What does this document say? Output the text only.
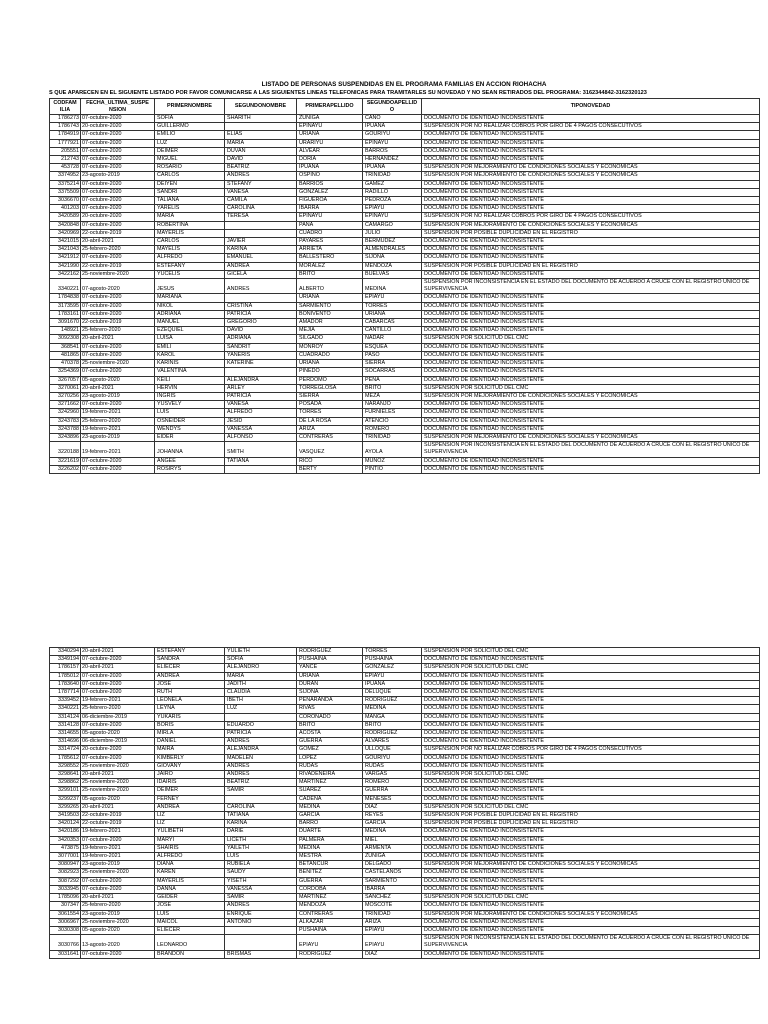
LISTADO DE PERSONAS SUSPENDIDAS EN EL PROGRAMA FAMILIAS EN ACCION RIOHACHA
S QUE APARECEN EN EL SIGUIENTE LISTADO POR FAVOR COMUNICARSE A LAS SIGUIENTES LINEAS TELEFONICAS PARA TRAMITARLES SU NOVEDAD Y NO SEAN RETIRADOS DEL PROGRAMA: 3162344842-3162320123
CODFAM ILIA	FECHA_ULTIMA_SUSPE NSION	PRIMERNOMBRE	SEGUNDONOMBRE	PRIMERAPELLIDO	SEGUNDOAPELLID O	TIPONOVEDAD
1786273	07-octubre-2020	SOFIA	SHARITH	ZUÑIGA	CANO	DOCUMENTO DE IDENTIDAD INCONSISTENTE
1786743	20-octubre-2020	GUILLERMO		EPINAYU	IPUANA	SUSPENSIÓN POR NO REALIZAR COBROS POR GIRO DE 4 PAGOS CONSECUTIVOS
1784919	07-octubre-2020	EMILIO	ELIAS	URIANA	GOURIYU	DOCUMENTO DE IDENTIDAD INCONSISTENTE
1777921	07-octubre-2020	LUZ	MARIA	URARIYU	EPINAYU	DOCUMENTO DE IDENTIDAD INCONSISTENTE
205551	07-octubre-2020	DEIMER	DUVAN	ALVEAR	BARROS	DOCUMENTO DE IDENTIDAD INCONSISTENTE
212743	07-octubre-2020	MIGUEL	DAVID	DORIA	HERNANDEZ	DOCUMENTO DE IDENTIDAD INCONSISTENTE
453728	07-octubre-2020	ROSARIO	BEATRIZ	IPUANA	IPUANA	SUSPENSION POR MEJORAMIENTO DE CONDICIONES SOCIALES Y ECONOMICAS
3374952	23-agosto-2019	CARLOS	ANDRES	OSPINO	TRINIDAD	SUSPENSION POR MEJORAMIENTO DE CONDICIONES SOCIALES Y ECONOMICAS
3375214	07-octubre-2020	DEIYEN	STEFANY	BARRIOS	GAMEZ	DOCUMENTO DE IDENTIDAD INCONSISTENTE
3375509	07-octubre-2020	SANDRI	VANESA	GONZALEZ	RADILLO	DOCUMENTO DE IDENTIDAD INCONSISTENTE
3036670	07-octubre-2020	TALIANA	CAMILA	FIGUEROA	PEDROZA	DOCUMENTO DE IDENTIDAD INCONSISTENTE
401203	07-octubre-2020	YARELIS	CAROLINA	IBARRA	EPIAYU	DOCUMENTO DE IDENTIDAD INCONSISTENTE
3420589	20-octubre-2020	MARIA	TERESA	EPINAYU	EPINAYU	SUSPENSIÓN POR NO REALIZAR COBROS POR GIRO DE 4 PAGOS CONSECUTIVOS
3420848	07-octubre-2020	ROBERTINA		PANA	CAMARGO	SUSPENSION POR MEJORAMIENTO DE CONDICIONES SOCIALES Y ECONOMICAS
3420969	22-octubre-2019	MAYERLIS		CUADRO	JULIO	SUSPENSIÓN POR POSIBLE DUPLICIDAD EN EL REGISTRO
3421015	20-abril-2021	CARLOS	JAVIER	PAYARES	BERMUDEZ	DOCUMENTO DE IDENTIDAD INCONSISTENTE
3421043	25-febrero-2020	MAYELIS	KARINA	ARRIETA	ALMENDRALES	DOCUMENTO DE IDENTIDAD INCONSISTENTE
3421912	07-octubre-2020	ALFREDO	EMANUEL	BALLESTERO	SIJONA	DOCUMENTO DE IDENTIDAD INCONSISTENTE
3421990	22-octubre-2019	ESTEFANY	ANDREA	MORALEZ	MENDOZA	SUSPENSIÓN POR POSIBLE DUPLICIDAD EN EL REGISTRO
3422162	25-noviembre-2020	YUCELIS	GICELA	BRITO	BUELVAS	DOCUMENTO DE IDENTIDAD INCONSISTENTE
3340221	07-agosto-2020	JESUS	ANDRES	ALBERTO	MEDINA	SUSPENSIÓN POR INCONSISTENCIA EN EL ESTADO DEL DOCUMENTO DE ACUERDO A CRUCE CON EL REGISTRO ÚNICO DE SUPERVIVENCIA
1784838	07-octubre-2020	MARIANA		URIANA	EPIAYU	DOCUMENTO DE IDENTIDAD INCONSISTENTE
3173595	07-octubre-2020	NIKOL	CRISTINA	SARMIENTO	TORRES	DOCUMENTO DE IDENTIDAD INCONSISTENTE
1783161	07-octubre-2020	ADRIANA	PATRICIA	BONIVENTO	URIANA	DOCUMENTO DE IDENTIDAD INCONSISTENTE
3091670	22-octubre-2019	MANUEL	GREGORIO	AMADOR	CABARCAS	DOCUMENTO DE IDENTIDAD INCONSISTENTE
148921	25-febrero-2020	EZEQUIEL	DAVID	MEJIA	CANTILLO	DOCUMENTO DE IDENTIDAD INCONSISTENTE
3092308	20-abril-2021	LUISA	ADRIANA	SILGADO	NADAR	SUSPENSIÓN POR SOLICITUD DEL CMC
368541	07-octubre-2020	EMILI	SANDRIT	MONROY	ESQUEA	DOCUMENTO DE IDENTIDAD INCONSISTENTE
481865	07-octubre-2020	KAROL	YANERIS	CUADRADO	PASO	DOCUMENTO DE IDENTIDAD INCONSISTENTE
470378	25-noviembre-2020	KARINIS	KATERINE	URIANA	SIERRA	DOCUMENTO DE IDENTIDAD INCONSISTENTE
3254369	07-octubre-2020	VALENTINA		PINEDO	SOCARRAS	DOCUMENTO DE IDENTIDAD INCONSISTENTE
3267057	05-agosto-2020	KEILI	ALEJANDRA	PERDOMO	PEÑA	DOCUMENTO DE IDENTIDAD INCONSISTENTE
3270061	20-abril-2021	HERVIN	ARLEY	TORREGLOSA	BRITO	SUSPENSIÓN POR SOLICITUD DEL CMC
3270256	23-agosto-2019	INGRIS	PATRICIA	SIERRA	MEZA	SUSPENSION POR MEJORAMIENTO DE CONDICIONES SOCIALES Y ECONOMICAS
3271662	07-octubre-2020	YUSVELY	VANESA	POSADA	NARANJO	DOCUMENTO DE IDENTIDAD INCONSISTENTE
3242960	19-febrero-2021	LUIS	ALFREDO	TORRES	FURNIELES	DOCUMENTO DE IDENTIDAD INCONSISTENTE
3243783	25-febrero-2020	OSNEIDER	JESID	DE LA ROSA	ATENCIO	DOCUMENTO DE IDENTIDAD INCONSISTENTE
3243788	19-febrero-2021	WENDYS	VANESSA	ARIZA	ROMERO	DOCUMENTO DE IDENTIDAD INCONSISTENTE
3243896	23-agosto-2019	EIDER	ALFONSO	CONTRERAS	TRINIDAD	SUSPENSION POR MEJORAMIENTO DE CONDICIONES SOCIALES Y ECONOMICAS
3220188	19-febrero-2021	JOHANNA	SMITH	VASQUEZ	AYOLA	SUSPENSIÓN POR INCONSISTENCIA EN EL ESTADO DEL DOCUMENTO DE ACUERDO A CRUCE CON EL REGISTRO ÚNICO DE SUPERVIVENCIA
3221619	07-octubre-2020	ANGEE	TATIANA	RICO	MUÑOZ	DOCUMENTO DE IDENTIDAD INCONSISTENTE
3226202	07-octubre-2020	ROSIRYS		BERTY	PINTIO	DOCUMENTO DE IDENTIDAD INCONSISTENTE
3340294	20-abril-2021	ESTEFANY	YULIETH	RODRIGUEZ	TORRES	SUSPENSIÓN POR SOLICITUD DEL CMC
3349194	07-octubre-2020	SANDRA	SOFIA	PUSHAINA	PUSHAINA	DOCUMENTO DE IDENTIDAD INCONSISTENTE
1786157	20-abril-2021	ELIECER	ALEJANDRO	YANCE	GONZALEZ	SUSPENSIÓN POR SOLICITUD DEL CMC
1785012	07-octubre-2020	ANDREA	MARIA	URIANA	EPIAYU	DOCUMENTO DE IDENTIDAD INCONSISTENTE
1783640	07-octubre-2020	JOSE	JADITH	DURAN	IPUANA	DOCUMENTO DE IDENTIDAD INCONSISTENTE
1787714	07-octubre-2020	RUTH	CLAUDIA	SIJONA	DELUQUE	DOCUMENTO DE IDENTIDAD INCONSISTENTE
3339452	19-febrero-2021	LEONELA	IBETH	PEÑARANDA	RODRIGUEZ	DOCUMENTO DE IDENTIDAD INCONSISTENTE
3340221	25-febrero-2020	LEYNA	LUZ	RIVAS	MEDINA	DOCUMENTO DE IDENTIDAD INCONSISTENTE
3314124	06-diciembre-2019	YUKARIS		CORONADO	MANGA	DOCUMENTO DE IDENTIDAD INCONSISTENTE
3314128	07-octubre-2020	BORIS	EDUARDO	BRITO	BRITO	DOCUMENTO DE IDENTIDAD INCONSISTENTE
3314655	05-agosto-2020	MIRLA	PATRICIA	ACOSTA	RODRIGUEZ	DOCUMENTO DE IDENTIDAD INCONSISTENTE
3314696	06-diciembre-2019	DANIEL	ANDRES	GUERRA	ALVARES	DOCUMENTO DE IDENTIDAD INCONSISTENTE
3314724	20-octubre-2020	MAIRA	ALEJANDRA	GOMEZ	ULLOQUE	SUSPENSIÓN POR NO REALIZAR COBROS POR GIRO DE 4 PAGOS CONSECUTIVOS
1785612	07-octubre-2020	KIMBERLY	MADELEN	LOPEZ	GOURIYU	DOCUMENTO DE IDENTIDAD INCONSISTENTE
3298552	25-noviembre-2020	GIOVANY	ANDRES	RUDAS	RUDAS	DOCUMENTO DE IDENTIDAD INCONSISTENTE
3298641	20-abril-2021	JAIRO	ANDRES	RIVADENEIRA	VARGAS	SUSPENSIÓN POR SOLICITUD DEL CMC
3298862	25-noviembre-2020	IDAIRIS	BEATRIZ	MARTINEZ	ROMERO	DOCUMENTO DE IDENTIDAD INCONSISTENTE
3299101	25-noviembre-2020	DEIMER	SAMIR	SUAREZ	GUERRA	DOCUMENTO DE IDENTIDAD INCONSISTENTE
3299237	05-agosto-2020	FERNEY		CADENA	MENESES	DOCUMENTO DE IDENTIDAD INCONSISTENTE
3299265	20-abril-2021	ANDREA	CAROLINA	MEDINA	DIAZ	SUSPENSIÓN POR SOLICITUD DEL CMC
3419503	22-octubre-2019	LIZ	TATIANA	GARCIA	REYES	SUSPENSIÓN POR POSIBLE DUPLICIDAD EN EL REGISTRO
3420124	22-octubre-2019	LIZ	KARINA	BARRO	GARCIA	SUSPENSIÓN POR POSIBLE DUPLICIDAD EN EL REGISTRO
3420186	19-febrero-2021	YULIBETH	DARIE	DUARTE	MEDINA	DOCUMENTO DE IDENTIDAD INCONSISTENTE
3420353	07-octubre-2020	MARYI	LICETH	PALMERA	MIEL	DOCUMENTO DE IDENTIDAD INCONSISTENTE
473875	19-febrero-2021	SHAIRIS	YAILETH	MEDINA	ARMENTA	DOCUMENTO DE IDENTIDAD INCONSISTENTE
3077001	19-febrero-2021	ALFREDO	LUIS	MESTRA	ZUÑIGA	DOCUMENTO DE IDENTIDAD INCONSISTENTE
3080947	23-agosto-2019	DIANA	RUBIELA	BETANCUR	DELGADO	SUSPENSION POR MEJORAMIENTO DE CONDICIONES SOCIALES Y ECONOMICAS
3082923	25-noviembre-2020	KAREN	SAUDY	BENITEZ	CASTELANOS	DOCUMENTO DE IDENTIDAD INCONSISTENTE
3087292	07-octubre-2020	MAYERLIS	YISETH	GUERRA	SARMIENTO	DOCUMENTO DE IDENTIDAD INCONSISTENTE
3033945	07-octubre-2020	DANNA	VANESSA	CORDOBA	IBARRA	DOCUMENTO DE IDENTIDAD INCONSISTENTE
1785096	20-abril-2021	GEIDER	SAMIR	MARTINEZ	SANCHEZ	SUSPENSIÓN POR SOLICITUD DEL CMC
307347	25-febrero-2020	JOSE	ANDRES	MENDOZA	MOSCOTE	DOCUMENTO DE IDENTIDAD INCONSISTENTE
3061554	23-agosto-2019	LUIS	ENRIQUE	CONTRERAS	TRINIDAD	SUSPENSION POR MEJORAMIENTO DE CONDICIONES SOCIALES Y ECONOMICAS
3006967	25-noviembre-2020	MAICOL	ANTONIO	ALKAZAR	ARIZA	DOCUMENTO DE IDENTIDAD INCONSISTENTE
3030308	05-agosto-2020	ELIECER		PUSHAINA	EPIAYU	DOCUMENTO DE IDENTIDAD INCONSISTENTE
3030766	13-agosto-2020	LEONARDO		EPIAYU	EPIAYU	SUSPENSIÓN POR INCONSISTENCIA EN EL ESTADO DEL DOCUMENTO DE ACUERDO A CRUCE CON EL REGISTRO ÚNICO DE SUPERVIVENCIA
3031641	07-octubre-2020	BRANDON	BRISMAS	RODRIGUEZ	DIAZ	DOCUMENTO DE IDENTIDAD INCONSISTENTE
